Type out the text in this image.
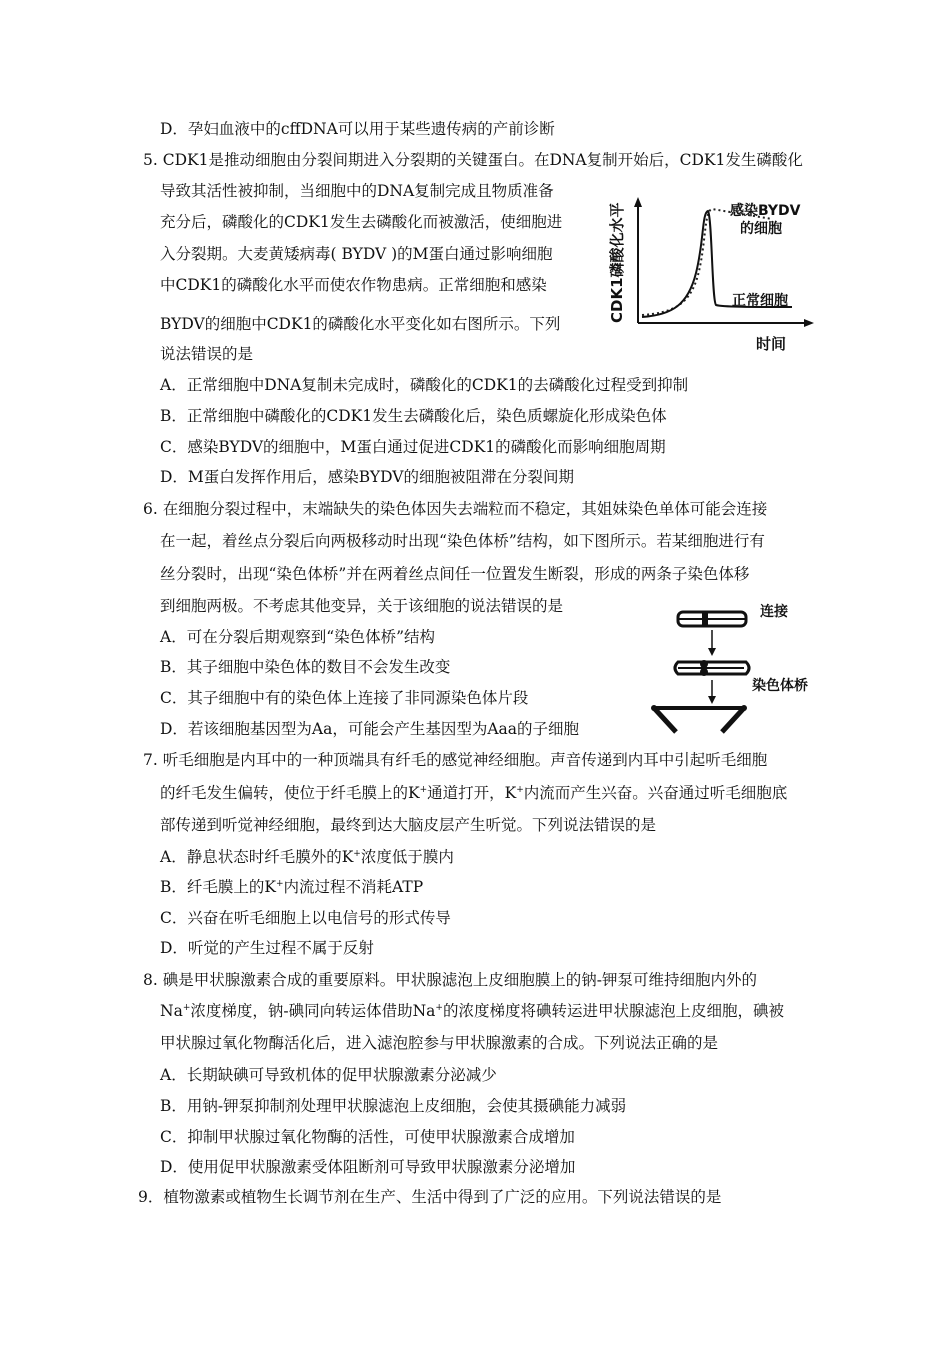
D．孕妇血液中的cffDNA可以用于某些遗传病的产前诊断
5. CDK1是推动细胞由分裂间期进入分裂期的关键蛋白。在DNA复制开始后，CDK1发生磷酸化
导致其活性被抑制，当细胞中的DNA复制完成且物质准备
充分后，磷酸化的CDK1发生去磷酸化而被激活，使细胞进
入分裂期。大麦黄矮病毒( BYDV )的M蛋白通过影响细胞
中CDK1的磷酸化水平而使农作物患病。正常细胞和感染
BYDV的细胞中CDK1的磷酸化水平变化如右图所示。下列
说法错误的是
CDK1磷酸化水平
时间
感染BYDV
的细胞
正常细胞
A．正常细胞中DNA复制未完成时，磷酸化的CDK1的去磷酸化过程受到抑制
B．正常细胞中磷酸化的CDK1发生去磷酸化后，染色质螺旋化形成染色体
C．感染BYDV的细胞中，M蛋白通过促进CDK1的磷酸化而影响细胞周期
D．M蛋白发挥作用后，感染BYDV的细胞被阻滞在分裂间期
6. 在细胞分裂过程中，末端缺失的染色体因失去端粒而不稳定，其姐妹染色单体可能会连接
在一起，着丝点分裂后向两极移动时出现“染色体桥”结构，如下图所示。若某细胞进行有
丝分裂时，出现“染色体桥”并在两着丝点间任一位置发生断裂，形成的两条子染色体移
到细胞两极。不考虑其他变异，关于该细胞的说法错误的是
A．可在分裂后期观察到“染色体桥”结构
B．其子细胞中染色体的数目不会发生改变
C．其子细胞中有的染色体上连接了非同源染色体片段
D．若该细胞基因型为Aa，可能会产生基因型为Aaa的子细胞
连接
染色体桥
7. 听毛细胞是内耳中的一种顶端具有纤毛的感觉神经细胞。声音传递到内耳中引起听毛细胞
的纤毛发生偏转，使位于纤毛膜上的K+通道打开，K+内流而产生兴奋。兴奋通过听毛细胞底
部传递到听觉神经细胞，最终到达大脑皮层产生听觉。下列说法错误的是
A．静息状态时纤毛膜外的K+浓度低于膜内
B．纤毛膜上的K+内流过程不消耗ATP
C．兴奋在听毛细胞上以电信号的形式传导
D．听觉的产生过程不属于反射
8. 碘是甲状腺激素合成的重要原料。甲状腺滤泡上皮细胞膜上的钠-钾泵可维持细胞内外的
Na+浓度梯度，钠-碘同向转运体借助Na+的浓度梯度将碘转运进甲状腺滤泡上皮细胞，碘被
甲状腺过氧化物酶活化后，进入滤泡腔参与甲状腺激素的合成。下列说法正确的是
A．长期缺碘可导致机体的促甲状腺激素分泌减少
B．用钠-钾泵抑制剂处理甲状腺滤泡上皮细胞，会使其摄碘能力减弱
C．抑制甲状腺过氧化物酶的活性，可使甲状腺激素合成增加
D．使用促甲状腺激素受体阻断剂可导致甲状腺激素分泌增加
9．植物激素或植物生长调节剂在生产、生活中得到了广泛的应用。下列说法错误的是
